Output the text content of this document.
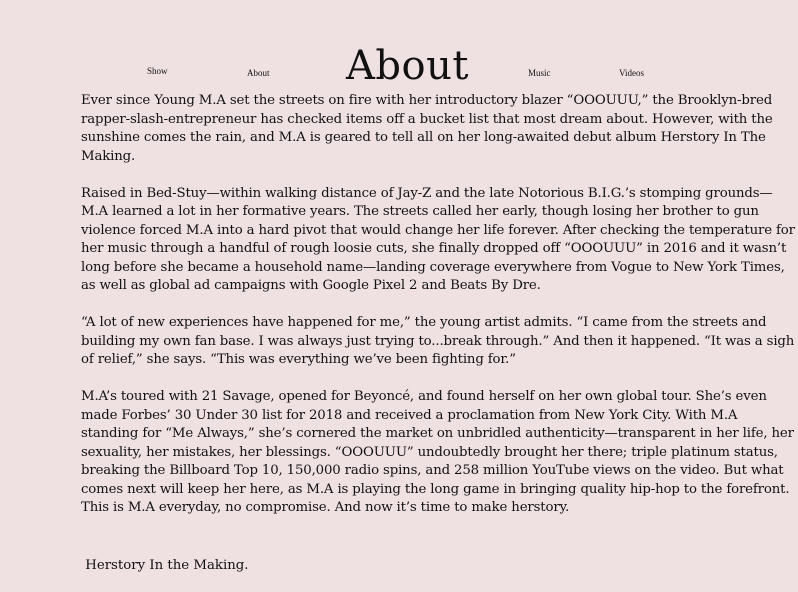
Show	About About	Music	Videos

Ever since Young M.A set the streets on fire with her introductory blazer “OOOUUU,” the Brooklyn-bred rapper-slash-entrepreneur has checked items off a bucket list that most dream about. However, with the sunshine comes the rain, and M.A is geared to tell all on her long-awaited debut album Herstory In The Making.

Raised in Bed-Stuy—within walking distance of Jay-Z and the late Notorious B.I.G.’s stomping grounds—M.A learned a lot in her formative years. The streets called her early, though losing her brother to gun violence forced M.A into a hard pivot that would change her life forever. After checking the temperature for her music through a handful of rough loosie cuts, she finally dropped off “OOOUUU” in 2016 and it wasn’t long before she became a household name—landing coverage everywhere from Vogue to New York Times, as well as global ad campaigns with Google Pixel 2 and Beats By Dre.

“A lot of new experiences have happened for me,” the young artist admits. “I came from the streets and building my own fan base. I was always just trying to...break through.” And then it happened. “It was a sigh of relief,” she says. “This was everything we’ve been fighting for.”

M.A’s toured with 21 Savage, opened for Beyoncé, and found herself on her own global tour. She’s even made Forbes’ 30 Under 30 list for 2018 and received a proclamation from New York City. With M.A standing for “Me Always,” she’s cornered the market on unbridled authenticity—transparent in her life, her sexuality, her mistakes, her blessings. “OOOUUU” undoubtedly brought her there; triple platinum status, breaking the Billboard Top 10, 150,000 radio spins, and 258 million YouTube views on the video. But what comes next will keep her here, as M.A is playing the long game in bringing quality hip-hop to the forefront. This is M.A everyday, no compromise. And now it’s time to make herstory.

Herstory In the Making.
